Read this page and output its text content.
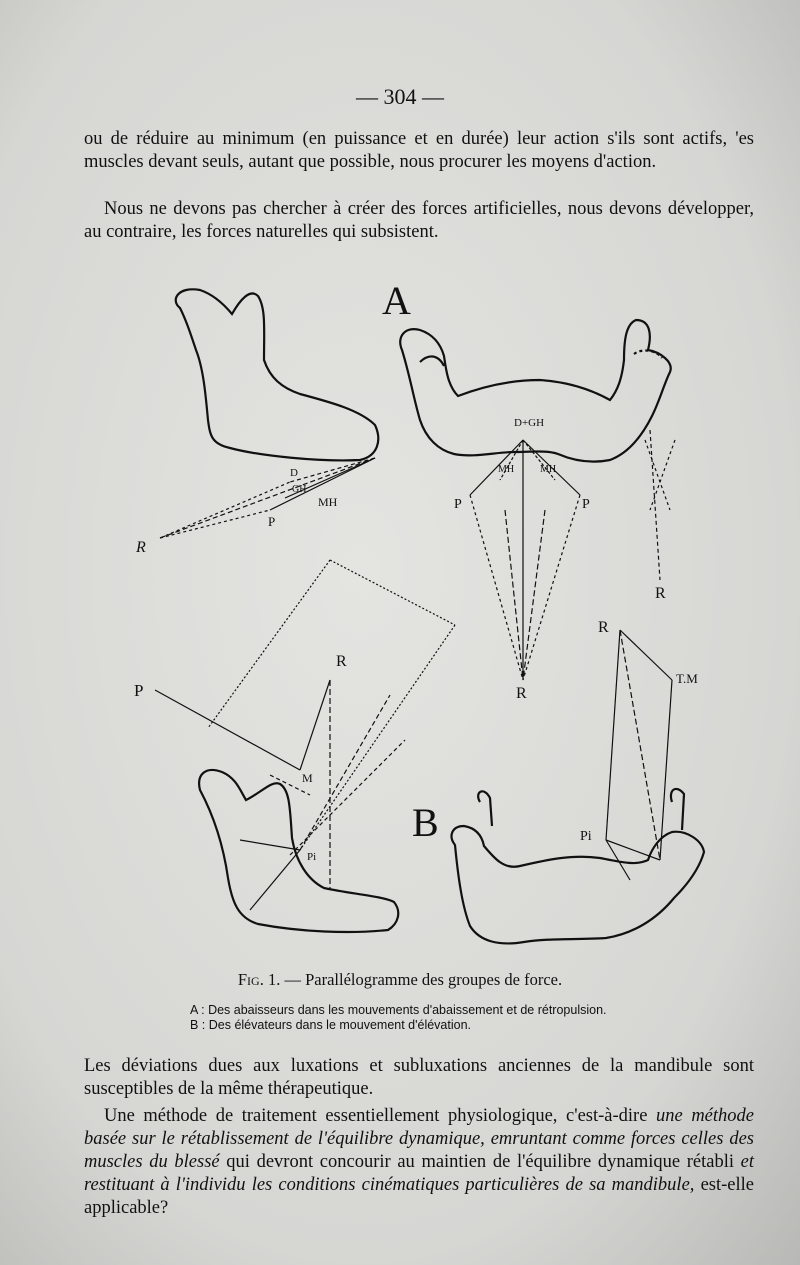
— 304 —
ou de réduire au minimum (en puissance et en durée) leur action s'ils sont actifs, 'es muscles devant seuls, autant que possible, nous procurer les moyens d'action.
Nous ne devons pas chercher à créer des forces artificielles, nous devons développer, au contraire, les forces naturelles qui subsistent.
A
B
D
GH
MH
P
R
D+GH
MH	MH
P	P
R
R
P
R
M
Pi
R
T.M
Pi
Fig. 1. — Parallélogramme des groupes de force.
A : Des abaisseurs dans les mouvements d'abaissement et de rétropulsion.
B : Des élévateurs dans le mouvement d'élévation.
Les déviations dues aux luxations et subluxations anciennes de la mandibule sont susceptibles de la même thérapeutique.
Une méthode de traitement essentiellement physiologique, c'est-à-dire une méthode basée sur le rétablissement de l'équilibre dynamique, emruntant comme forces celles des muscles du blessé qui devront concourir au maintien de l'équilibre dynamique rétabli et restituant à l'individu les conditions cinématiques particulières de sa mandibule, est-elle applicable?
